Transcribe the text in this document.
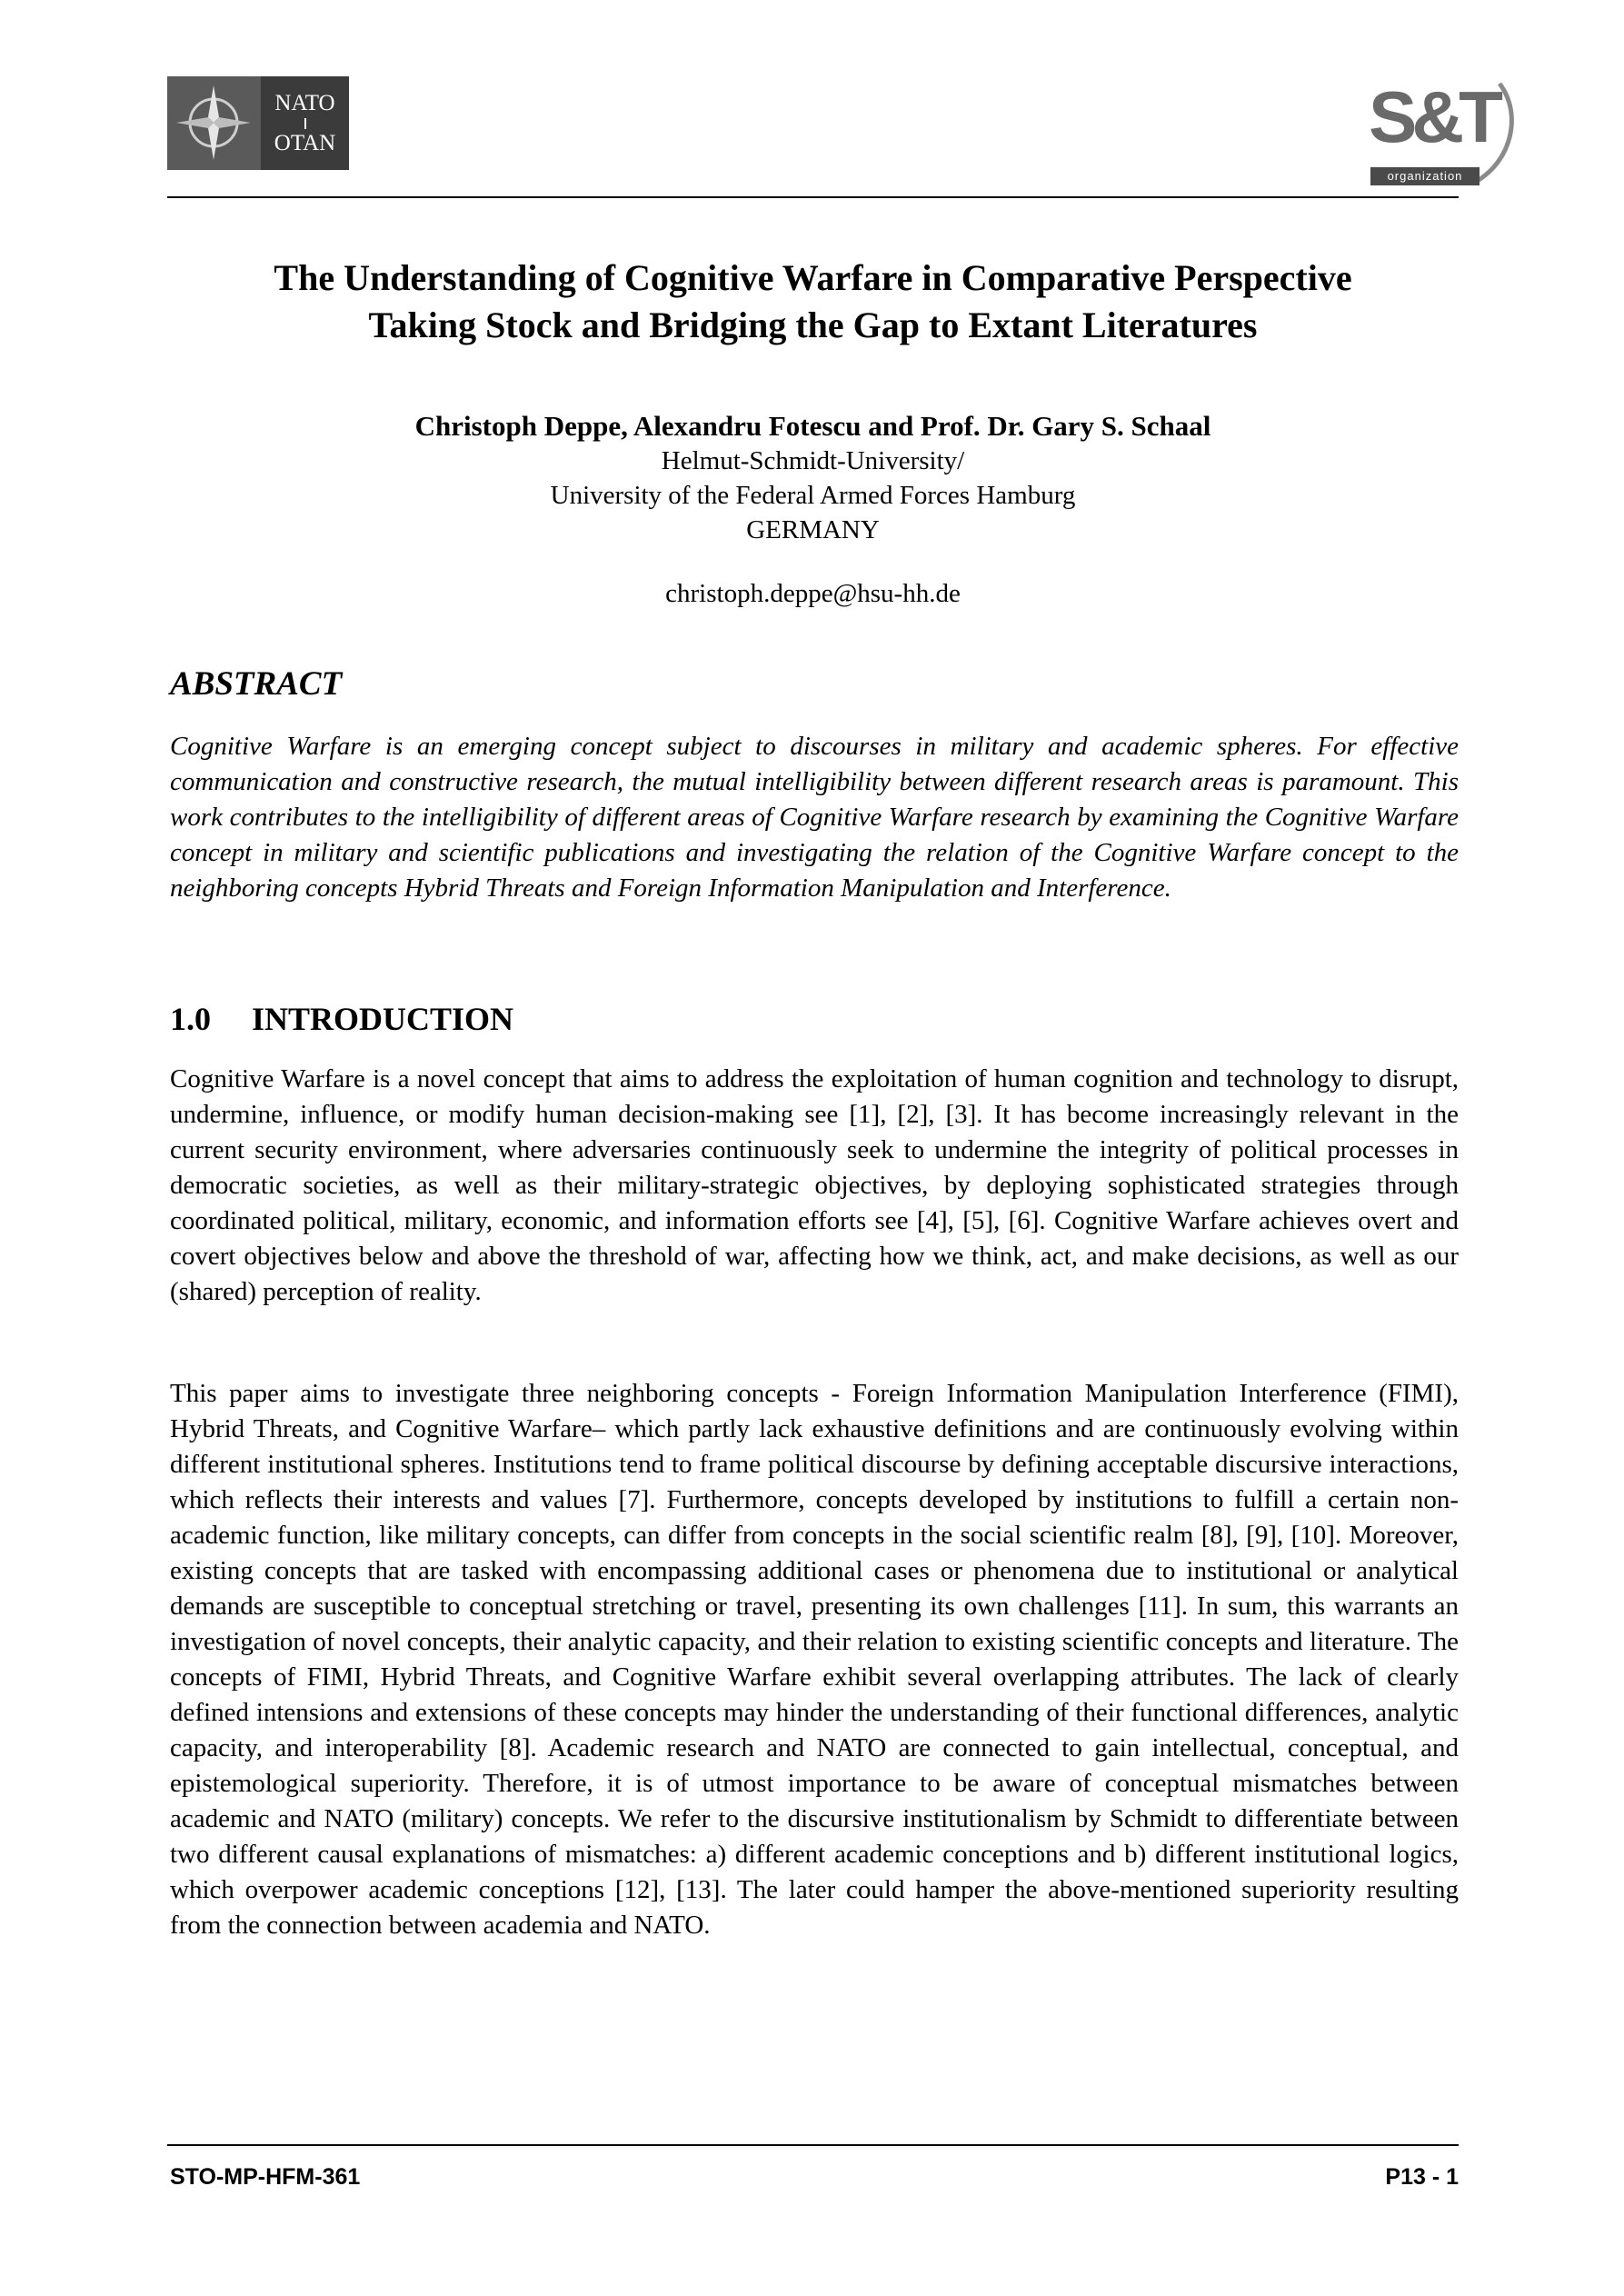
NATO
OTAN	S&T
organization
The Understanding of Cognitive Warfare in Comparative Perspective
Taking Stock and Bridging the Gap to Extant Literatures
Christoph Deppe, Alexandru Fotescu and Prof. Dr. Gary S. Schaal
Helmut-Schmidt-University/
University of the Federal Armed Forces Hamburg
GERMANY
christoph.deppe@hsu-hh.de
ABSTRACT

Cognitive Warfare is an emerging concept subject to discourses in military and academic spheres. For effective communication and constructive research, the mutual intelligibility between different research areas is paramount. This work contributes to the intelligibility of different areas of Cognitive Warfare research by examining the Cognitive Warfare concept in military and scientific publications and investigating the relation of the Cognitive Warfare concept to the neighboring concepts Hybrid Threats and Foreign Information Manipulation and Interference.

1.0 INTRODUCTION

Cognitive Warfare is a novel concept that aims to address the exploitation of human cognition and technology to disrupt, undermine, influence, or modify human decision-making see [1], [2], [3]. It has become increasingly relevant in the current security environment, where adversaries continuously seek to undermine the integrity of political processes in democratic societies, as well as their military-strategic objectives, by deploying sophisticated strategies through coordinated political, military, economic, and information efforts see [4], [5], [6]. Cognitive Warfare achieves overt and covert objectives below and above the threshold of war, affecting how we think, act, and make decisions, as well as our (shared) perception of reality.

This paper aims to investigate three neighboring concepts - Foreign Information Manipulation Interference (FIMI), Hybrid Threats, and Cognitive Warfare– which partly lack exhaustive definitions and are continuously evolving within different institutional spheres. Institutions tend to frame political discourse by defining acceptable discursive interactions, which reflects their interests and values [7]. Furthermore, concepts developed by institutions to fulfill a certain non-academic function, like military concepts, can differ from concepts in the social scientific realm [8], [9], [10]. Moreover, existing concepts that are tasked with encompassing additional cases or phenomena due to institutional or analytical demands are susceptible to conceptual stretching or travel, presenting its own challenges [11]. In sum, this warrants an investigation of novel concepts, their analytic capacity, and their relation to existing scientific concepts and literature. The concepts of FIMI, Hybrid Threats, and Cognitive Warfare exhibit several overlapping attributes. The lack of clearly defined intensions and extensions of these concepts may hinder the understanding of their functional differences, analytic capacity, and interoperability [8]. Academic research and NATO are connected to gain intellectual, conceptual, and epistemological superiority. Therefore, it is of utmost importance to be aware of conceptual mismatches between academic and NATO (military) concepts. We refer to the discursive institutionalism by Schmidt to differentiate between two different causal explanations of mismatches: a) different academic conceptions and b) different institutional logics, which overpower academic conceptions [12], [13]. The later could hamper the above-mentioned superiority resulting from the connection between academia and NATO.

STO-MP-HFM-361	P13 - 1
